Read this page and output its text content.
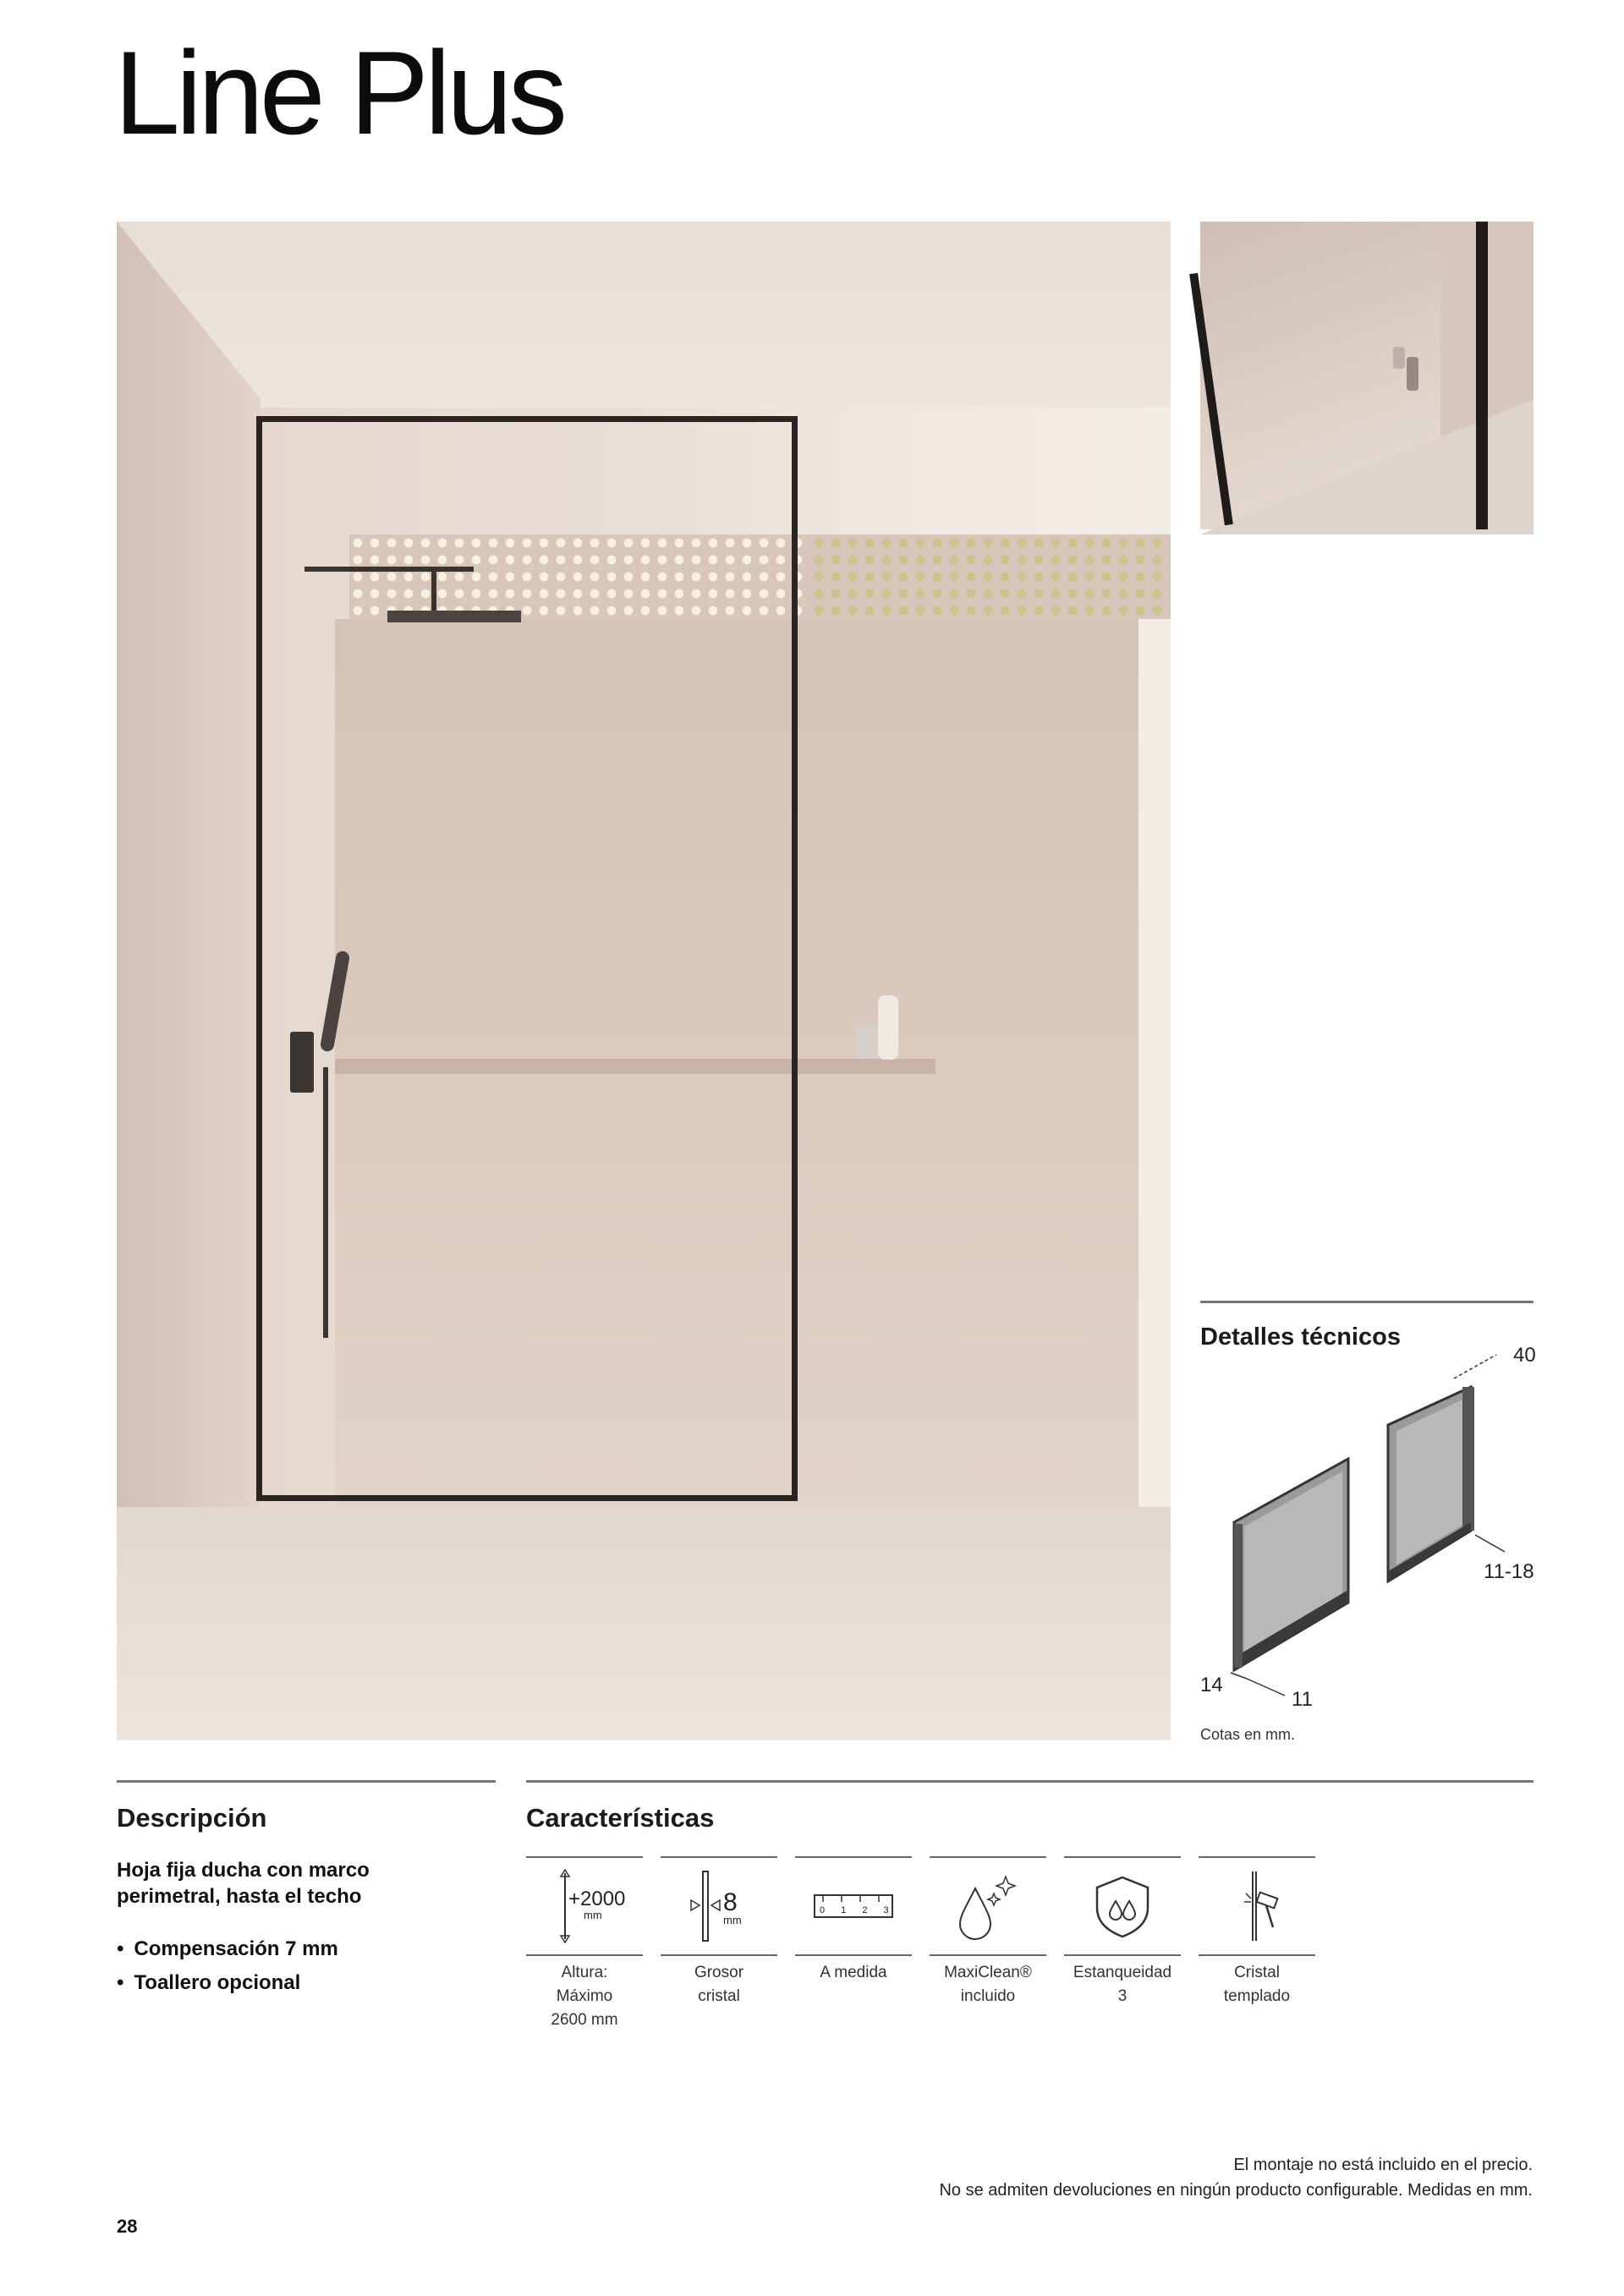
Line Plus
Detalles técnicos
40
11-18
14
11
Cotas en mm.
Descripción
Hoja fija ducha con marco perimetral, hasta el techo
• Compensación 7 mm
• Toallero opcional
Características
+2000
mm
Altura:
Máximo
2600 mm
8
mm
Grosor
cristal
0 1 2 3
A medida	MaxiClean®
incluido
Estanqueidad
3
Cristal
templado
El montaje no está incluido en el precio.
No se admiten devoluciones en ningún producto configurable. Medidas en mm.
28
